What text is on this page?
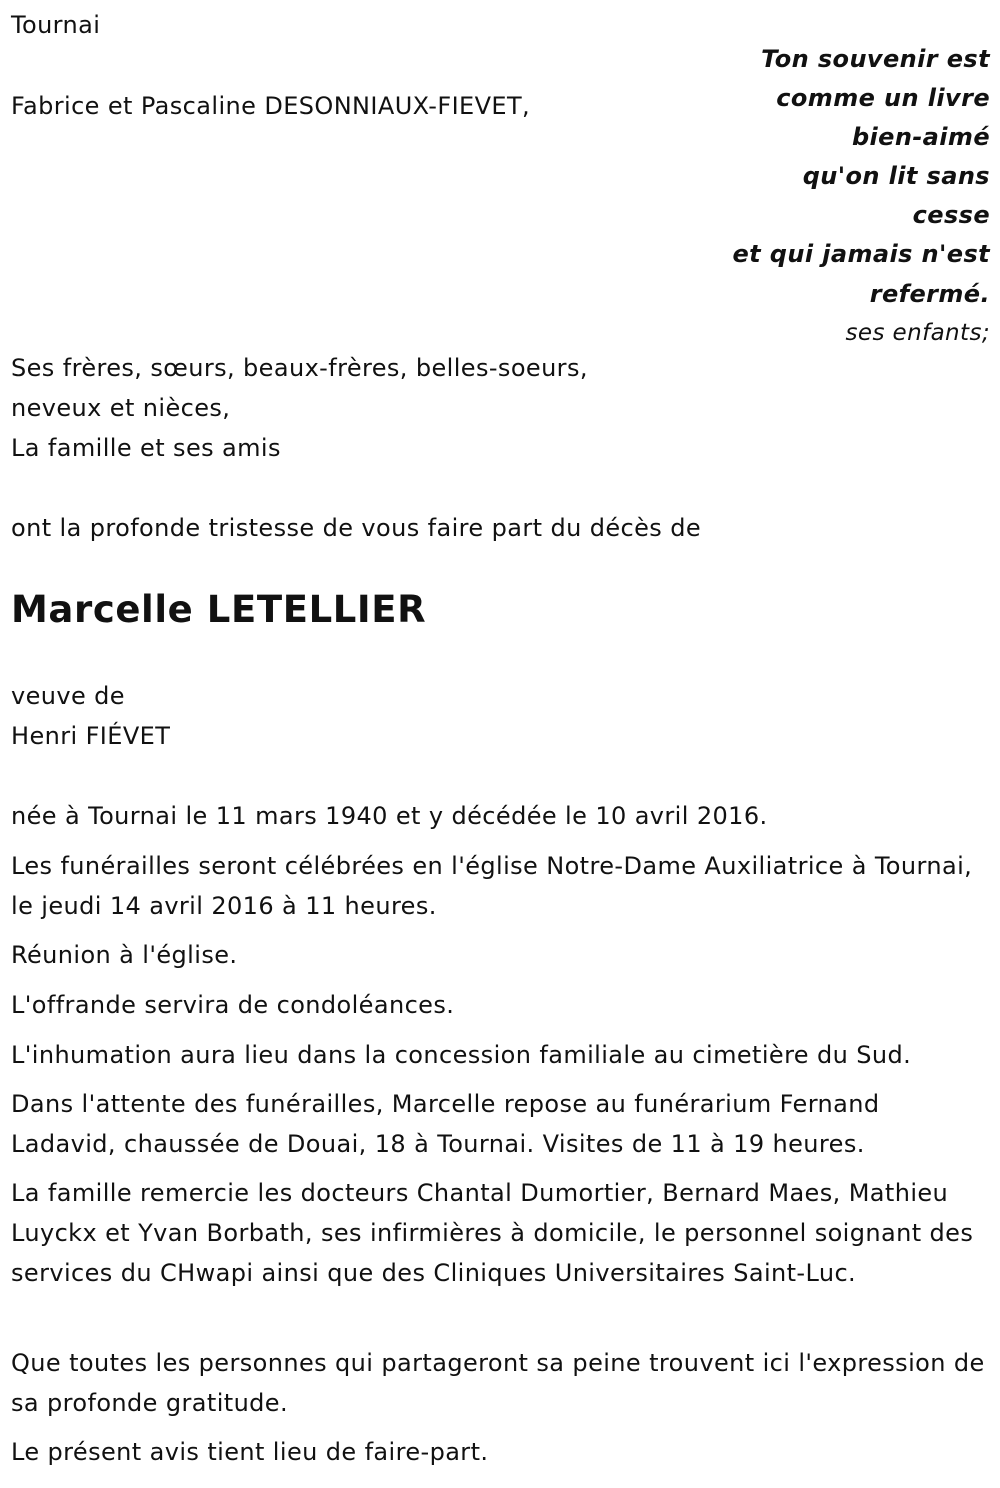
Tournai
Fabrice et Pascaline DESONNIAUX-FIEVET,
Ton souvenir est
comme un livre
bien-aimé
qu'on lit sans
cesse
et qui jamais n'est
refermé.
ses enfants;
Ses frères, sœurs, beaux-frères, belles-soeurs,
neveux et nièces,
La famille et ses amis
ont la profonde tristesse de vous faire part du décès de
Marcelle LETELLIER
veuve de
Henri FIÉVET

née à Tournai le 11 mars 1940 et y décédée le 10 avril 2016.

Les funérailles seront célébrées en l'église Notre-Dame Auxiliatrice à Tournai, le jeudi 14 avril 2016 à 11 heures.

Réunion à l'église.

L'offrande servira de condoléances.

L'inhumation aura lieu dans la concession familiale au cimetière du Sud.

Dans l'attente des funérailles, Marcelle repose au funérarium Fernand Ladavid, chaussée de Douai, 18 à Tournai. Visites de 11 à 19 heures.

La famille remercie les docteurs Chantal Dumortier, Bernard Maes, Mathieu Luyckx et Yvan Borbath, ses infirmières à domicile, le personnel soignant des services du CHwapi ainsi que des Cliniques Universitaires Saint-Luc.

Que toutes les personnes qui partageront sa peine trouvent ici l'expression de sa profonde gratitude.

Le présent avis tient lieu de faire-part.
